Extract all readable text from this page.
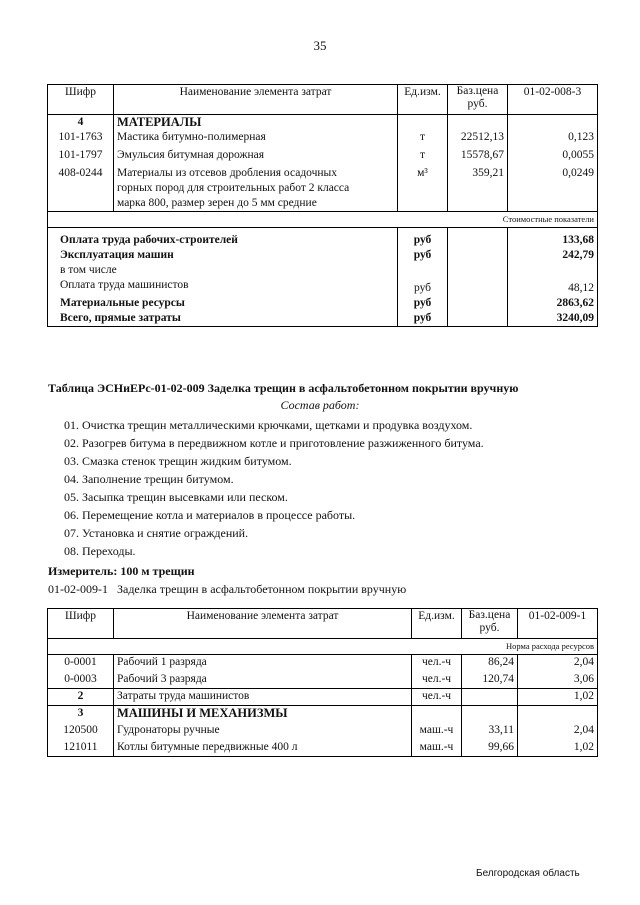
35
Шифр	Наименование элемента затрат	Ед.изм.	Баз.цена руб.	01-02-008-3
4	МАТЕРИАЛЫ			
101-1763	Мастика битумно-полимерная	т	22512,13	0,123
101-1797	Эмульсия битумная дорожная	т	15578,67	0,0055
408-0244	Материалы из отсевов дробления осадочных
горных пород для строительных работ 2 класса
марка 800, размер зерен до 5 мм средние	м³	359,21	0,0249
			Стоимостные показатели	

Оплата труда рабочих-строителей		руб		133,68
Эксплуатация машин		руб		242,79
в том числе				
Оплата труда машинистов		руб		48,12
Материальные ресурсы		руб		2863,62
Всего, прямые затраты		руб		3240,09
Таблица ЭСНиЕРс-01-02-009 Заделка трещин в асфальтобетонном покрытии вручную
Состав работ:
01. Очистка трещин металлическими крючками, щетками и продувка воздухом.
02. Разогрев битума в передвижном котле и приготовление разжиженного битума.
03. Смазка стенок трещин жидким битумом.
04. Заполнение трещин битумом.
05. Засыпка трещин высевками или песком.
06. Перемещение котла и материалов в процессе работы.
07. Установка и снятие ограждений.
08. Переходы.
Измеритель: 100 м трещин
01-02-009-1   Заделка трещин в асфальтобетонном покрытии вручную
Шифр	Наименование элемента затрат	Ед.изм.	Баз.цена руб.	01-02-009-1
			Норма расхода ресурсов	
0-0001	Рабочий 1 разряда	чел.-ч	86,24	2,04
0-0003	Рабочий 3 разряда	чел.-ч	120,74	3,06
2	Затраты труда машинистов	чел.-ч		1,02
3	МАШИНЫ И МЕХАНИЗМЫ			
120500	Гудронаторы ручные	маш.-ч	33,11	2,04
121011	Котлы битумные передвижные 400 л	маш.-ч	99,66	1,02
Белгородская область
